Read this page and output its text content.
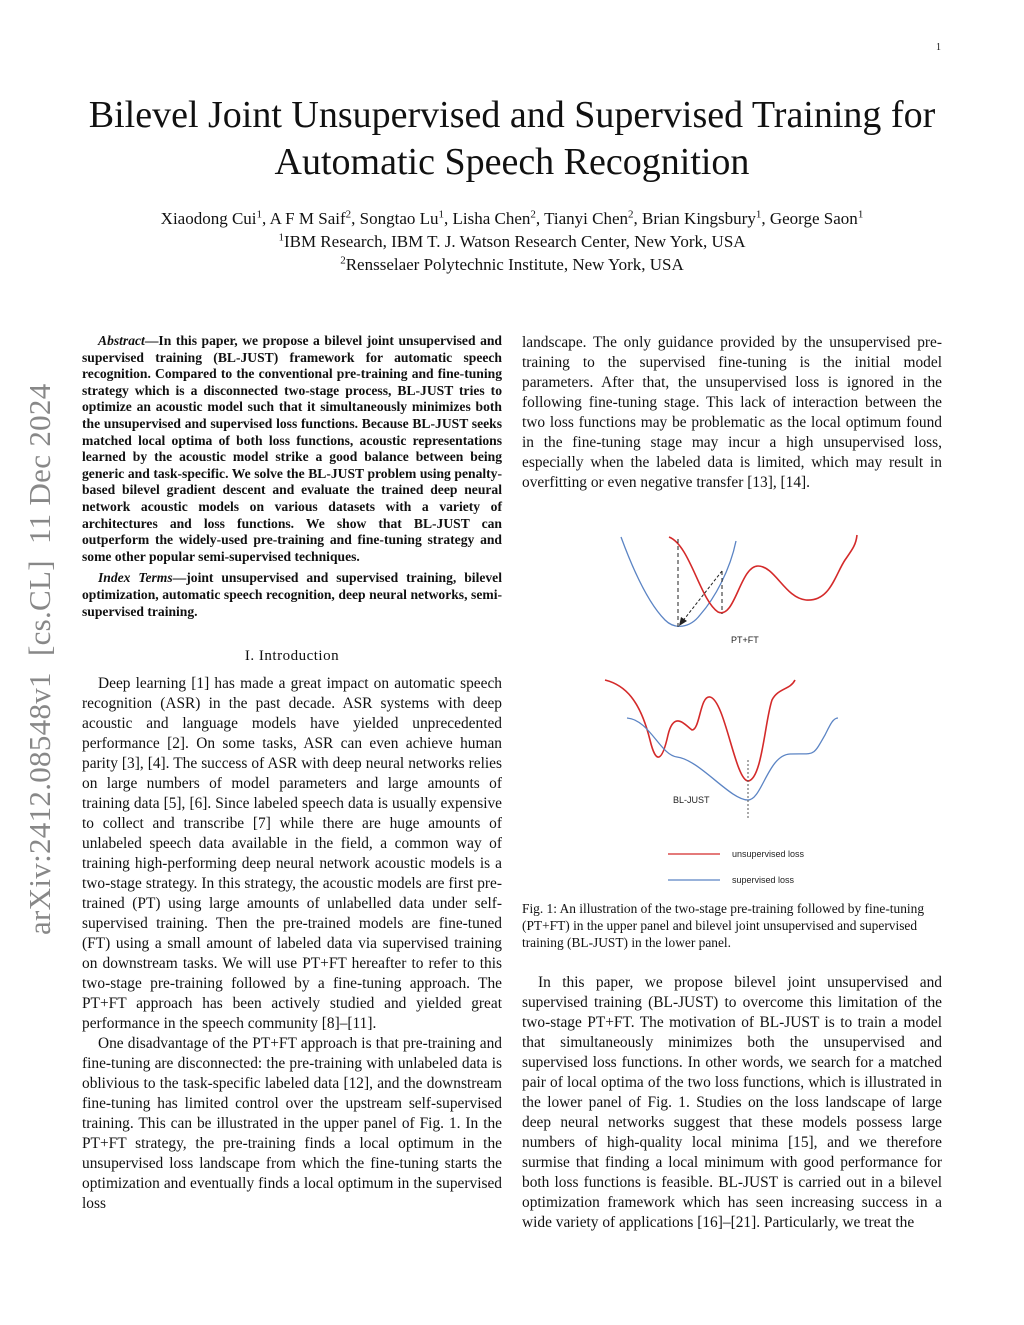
1
Bilevel Joint Unsupervised and Supervised Training for Automatic Speech Recognition
Xiaodong Cui$^1$, A F M Saif$^2$, Songtao Lu$^1$, Lisha Chen$^2$, Tianyi Chen$^2$, Brian Kingsbury$^1$, George Saon$^1$
$^1$IBM Research, IBM T. J. Watson Research Center, New York, USA
$^2$Rensselaer Polytechnic Institute, New York, USA
arXiv:2412.08548v1  [cs.CL]  11 Dec 2024

Abstract—In this paper, we propose a bilevel joint unsupervised and supervised training (BL-JUST) framework for automatic speech recognition. Compared to the conventional pre-training and fine-tuning strategy which is a disconnected two-stage process, BL-JUST tries to optimize an acoustic model such that it simultaneously minimizes both the unsupervised and supervised loss functions. Because BL-JUST seeks matched local optima of both loss functions, acoustic representations learned by the acoustic model strike a good balance between being generic and task-specific. We solve the BL-JUST problem using penalty-based bilevel gradient descent and evaluate the trained deep neural network acoustic models on various datasets with a variety of architectures and loss functions. We show that BL-JUST can outperform the widely-used pre-training and fine-tuning strategy and some other popular semi-supervised techniques.

Index Terms—joint unsupervised and supervised training, bilevel optimization, automatic speech recognition, deep neural networks, semi-supervised training.

I. Introduction

Deep learning [1] has made a great impact on automatic speech recognition (ASR) in the past decade. ASR systems with deep acoustic and language models have yielded unprecedented performance [2]. On some tasks, ASR can even achieve human parity [3], [4]. The success of ASR with deep neural networks relies on large numbers of model parameters and large amounts of training data [5], [6]. Since labeled speech data is usually expensive to collect and transcribe [7] while there are huge amounts of unlabeled speech data available in the field, a common way of training high-performing deep neural network acoustic models is a two-stage strategy. In this strategy, the acoustic models are first pre-trained (PT) using large amounts of unlabelled data under self-supervised training. Then the pre-trained models are fine-tuned (FT) using a small amount of labeled data via supervised training on downstream tasks. We will use PT+FT hereafter to refer to this two-stage pre-training followed by a fine-tuning approach. The PT+FT approach has been actively studied and yielded great performance in the speech community [8]–[11].

One disadvantage of the PT+FT approach is that pre-training and fine-tuning are disconnected: the pre-training with unlabeled data is oblivious to the task-specific labeled data [12], and the downstream fine-tuning has limited control over the upstream self-supervised training. This can be illustrated in the upper panel of Fig. 1. In the PT+FT strategy, the pre-training finds a local optimum in the unsupervised loss landscape from which the fine-tuning starts the optimization and eventually finds a local optimum in the supervised loss

landscape. The only guidance provided by the unsupervised pre-training to the supervised fine-tuning is the initial model parameters. After that, the unsupervised loss is ignored in the following fine-tuning stage. This lack of interaction between the two loss functions may be problematic as the local optimum found in the fine-tuning stage may incur a high unsupervised loss, especially when the labeled data is limited, which may result in overfitting or even negative transfer [13], [14].

PT+FT
BL-JUST
unsupervised loss
supervised loss
Fig. 1: An illustration of the two-stage pre-training followed by fine-tuning (PT+FT) in the upper panel and bilevel joint unsupervised and supervised training (BL-JUST) in the lower panel.

In this paper, we propose bilevel joint unsupervised and supervised training (BL-JUST) to overcome this limitation of the two-stage PT+FT. The motivation of BL-JUST is to train a model that simultaneously minimizes both the unsupervised and supervised loss functions. In other words, we search for a matched pair of local optima of the two loss functions, which is illustrated in the lower panel of Fig. 1. Studies on the loss landscape of large deep neural networks suggest that these models possess large numbers of high-quality local minima [15], and we therefore surmise that finding a local minimum with good performance for both loss functions is feasible. BL-JUST is carried out in a bilevel optimization framework which has seen increasing success in a wide variety of applications [16]–[21]. Particularly, we treat the
